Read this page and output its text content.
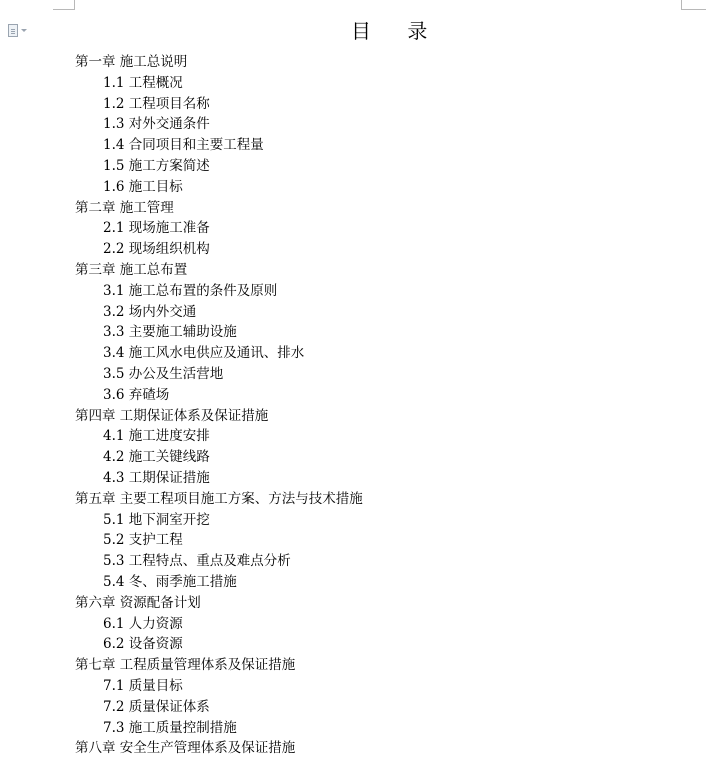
目 录
第一章 施工总说明
1.1 工程概况
1.2 工程项目名称
1.3 对外交通条件
1.4 合同项目和主要工程量
1.5 施工方案简述
1.6 施工目标
第二章 施工管理
2.1 现场施工准备
2.2 现场组织机构
第三章 施工总布置
3.1 施工总布置的条件及原则
3.2 场内外交通
3.3 主要施工辅助设施
3.4 施工风水电供应及通讯、排水
3.5 办公及生活营地
3.6 弃碴场
第四章 工期保证体系及保证措施
4.1 施工进度安排
4.2 施工关键线路
4.3 工期保证措施
第五章 主要工程项目施工方案、方法与技术措施
5.1 地下洞室开挖
5.2 支护工程
5.3 工程特点、重点及难点分析
5.4 冬、雨季施工措施
第六章 资源配备计划
6.1 人力资源
6.2 设备资源
第七章 工程质量管理体系及保证措施
7.1 质量目标
7.2 质量保证体系
7.3 施工质量控制措施
第八章 安全生产管理体系及保证措施
